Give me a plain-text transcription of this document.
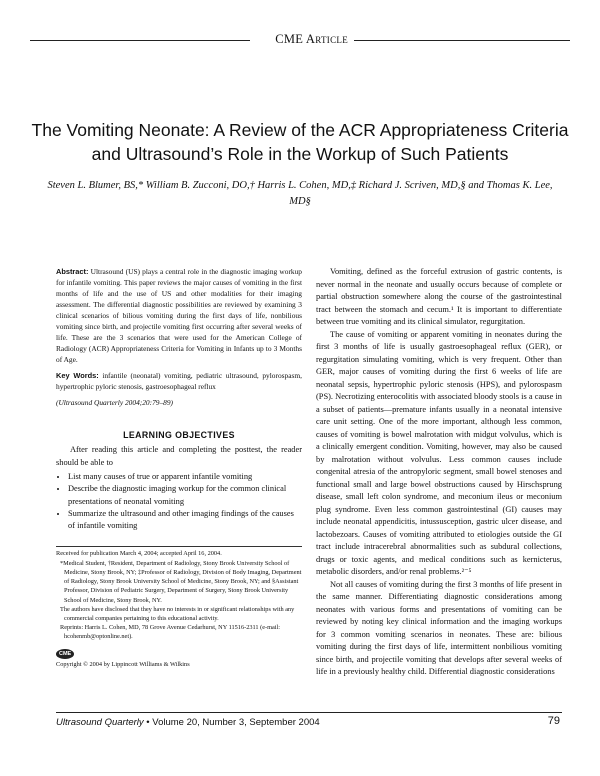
CME Article
The Vomiting Neonate: A Review of the ACR Appropriateness Criteria and Ultrasound’s Role in the Workup of Such Patients
Steven L. Blumer, BS,* William B. Zucconi, DO,† Harris L. Cohen, MD,‡ Richard J. Scriven, MD,§ and Thomas K. Lee, MD§
Abstract: Ultrasound (US) plays a central role in the diagnostic imaging workup for infantile vomiting. This paper reviews the major causes of vomiting in the first months of life and the use of US and other modalities for their imaging assessment. The differential diagnostic possibilities are reviewed by examining 3 clinical scenarios of bilious vomiting during the first days of life, nonbilious vomiting since birth, and projectile vomiting first occurring after several weeks of life. These are the 3 scenarios that were used for the American College of Radiology (ACR) Appropriateness Criteria for Vomiting in Infants up to 3 Months of Age.
Key Words: infantile (neonatal) vomiting, pediatric ultrasound, pylorospasm, hypertrophic pyloric stenosis, gastroesophageal reflux
(Ultrasound Quarterly 2004;20:79–89)
LEARNING OBJECTIVES

After reading this article and completing the posttest, the reader should be able to

• List many causes of true or apparent infantile vomiting
• Describe the diagnostic imaging workup for the common clinical presentations of neonatal vomiting
• Summarize the ultrasound and other imaging findings of the causes of infantile vomiting

Received for publication March 4, 2004; accepted April 16, 2004.

*Medical Student, †Resident, Department of Radiology, Stony Brook University School of Medicine, Stony Brook, NY; ‡Professor of Radiology, Division of Body Imaging, Department of Radiology, Stony Brook University School of Medicine, Stony Brook, NY; and §Assistant Professor, Division of Pediatric Surgery, Department of Surgery, Stony Brook University School of Medicine, Stony Brook, NY.

The authors have disclosed that they have no interests in or significant relationships with any commercial companies pertaining to this educational activity.

Reprints: Harris L. Cohen, MD, 78 Grove Avenue Cedarhurst, NY 11516-2311 (e-mail: hcohenmb@optonline.net).

CME

Copyright © 2004 by Lippincott Williams & Wilkins

Vomiting, defined as the forceful extrusion of gastric contents, is never normal in the neonate and usually occurs because of complete or partial obstruction somewhere along the course of the gastrointestinal tract between the stomach and cecum.¹ It is important to differentiate between true vomiting and its clinical simulator, regurgitation.

The cause of vomiting or apparent vomiting in neonates during the first 3 months of life is usually gastroesophageal reflux (GER), or regurgitation simulating vomiting, which is very frequent. Other than GER, major causes of vomiting during the first 6 weeks of life are neonatal sepsis, hypertrophic pyloric stenosis (HPS), and pylorospasm (PS). Necrotizing enterocolitis with associated bloody stools is a cause in a subset of patients—premature infants usually in a neonatal intensive care unit setting. One of the more important, although less common, causes of vomiting is bowel malrotation with midgut volvulus, which is a clinically emergent condition. Vomiting, however, may also be caused by malrotation without volvulus. Less common causes include congenital atresia of the antropyloric segment, small bowel stenoses and functional small and large bowel obstructions caused by Hirschsprung disease, small left colon syndrome, and meconium ileus or meconium plug syndrome. Even less common gastrointestinal (GI) causes may include neonatal appendicitis, intussusception, gastric ulcer disease, and lactobezoars. Causes of vomiting attributed to etiologies outside the GI tract include intracerebral abnormalities such as subdural collections, drugs or toxic agents, and medical conditions such as kernicterus, metabolic disorders, and/or renal problems.²⁻⁵

Not all causes of vomiting during the first 3 months of life present in the same manner. Differentiating diagnostic considerations among neonates with various forms and presentations of vomiting can be reviewed by noting key clinical information and the imaging workups for 3 common vomiting scenarios in neonates. These are: bilious vomiting during the first days of life, intermittent nonbilious vomiting since birth, and projectile vomiting that develops after several weeks of life in a previously healthy child. Differential diagnostic considerations

Ultrasound Quarterly • Volume 20, Number 3, September 2004	79
